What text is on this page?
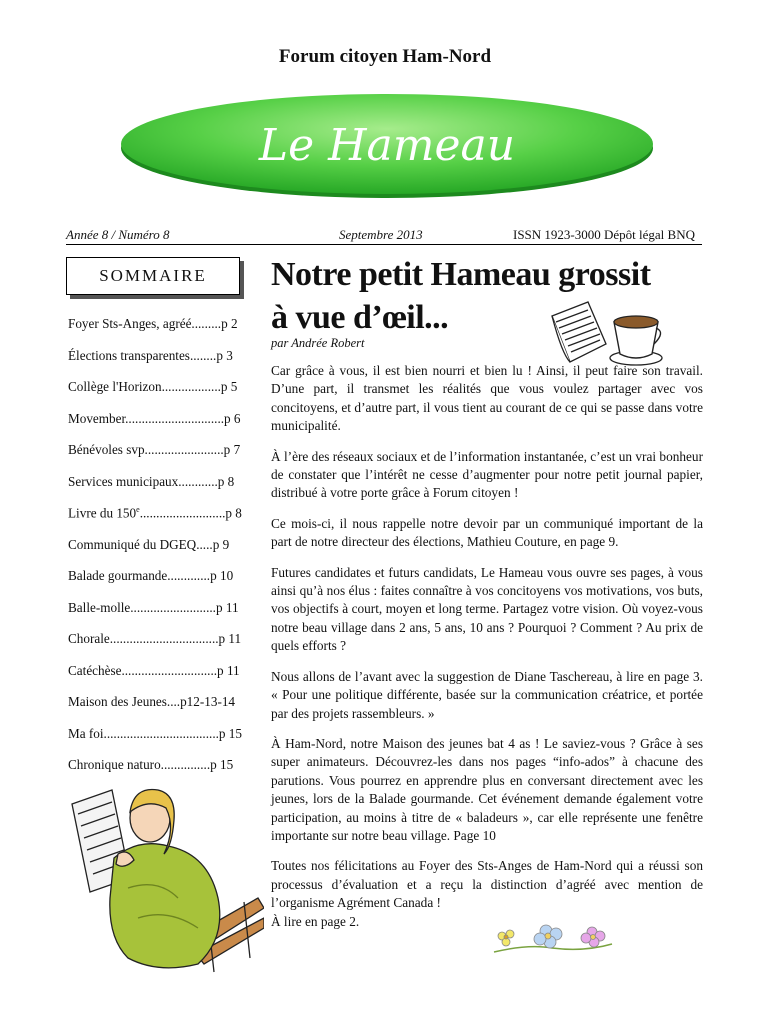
Forum citoyen Ham-Nord
Le Hameau
Année 8 / Numéro 8	Septembre 2013	ISSN 1923-3000 Dépôt légal BNQ
SOMMAIRE
Foyer Sts-Anges, agréé.........p 2
Élections transparentes........p 3
Collège l'Horizon..................p 5
Movember..............................p 6
Bénévoles svp........................p 7
Services municipaux............p 8
Livre du 150e..........................p 8
Communiqué du DGEQ.....p 9
Balade gourmande.............p 10
Balle-molle..........................p 11
Chorale.................................p 11
Catéchèse.............................p 11
Maison des Jeunes....p12-13-14
Ma foi...................................p 15
Chronique naturo...............p 15
Notre petit Hameau grossit
à vue d’œil...
par Andrée Robert

Car grâce à vous, il est bien nourri et bien lu ! Ainsi, il peut faire son travail. D’une part, il transmet les réalités que vous voulez partager avec vos concitoyens, et d’autre part, il vous tient au courant de ce qui se passe dans votre municipalité.

À l’ère des réseaux sociaux et de l’information instantanée, c’est un vrai bonheur de constater que l’intérêt ne cesse d’augmenter pour notre petit journal papier, distribué à votre porte grâce à Forum citoyen !

Ce mois-ci, il nous rappelle notre devoir par un communiqué important de la part de notre directeur des élections, Mathieu Couture, en page 9.

Futures candidates et futurs candidats, Le Hameau vous ouvre ses pages, à vous ainsi qu’à nos élus : faites connaître à vos concitoyens vos motivations, vos buts, vos objectifs à court, moyen et long terme. Partagez votre vision. Où voyez-vous notre beau village dans 2 ans, 5 ans, 10 ans ? Pourquoi ? Comment ? Au prix de quels efforts ?

Nous allons de l’avant avec la suggestion de Diane Taschereau, à lire en page 3. « Pour une politique différente, basée sur la communication créatrice, et portée par des projets rassembleurs. »

À Ham-Nord, notre Maison des jeunes bat 4 as ! Le saviez-vous ? Grâce à ses super animateurs. Découvrez-les dans nos pages “info-ados” à chacune des parutions. Vous pourrez en apprendre plus en conversant directement avec les jeunes, lors de la Balade gourmande. Cet événement demande également votre participation, au moins à titre de « baladeurs », car elle représente une fenêtre importante sur notre beau village. Page 10

Toutes nos félicitations au Foyer des Sts-Anges de Ham-Nord qui a réussi son processus d’évaluation et a reçu la distinction d’agréé avec mention de l’organisme Agrément Canada !

À lire en page 2.
